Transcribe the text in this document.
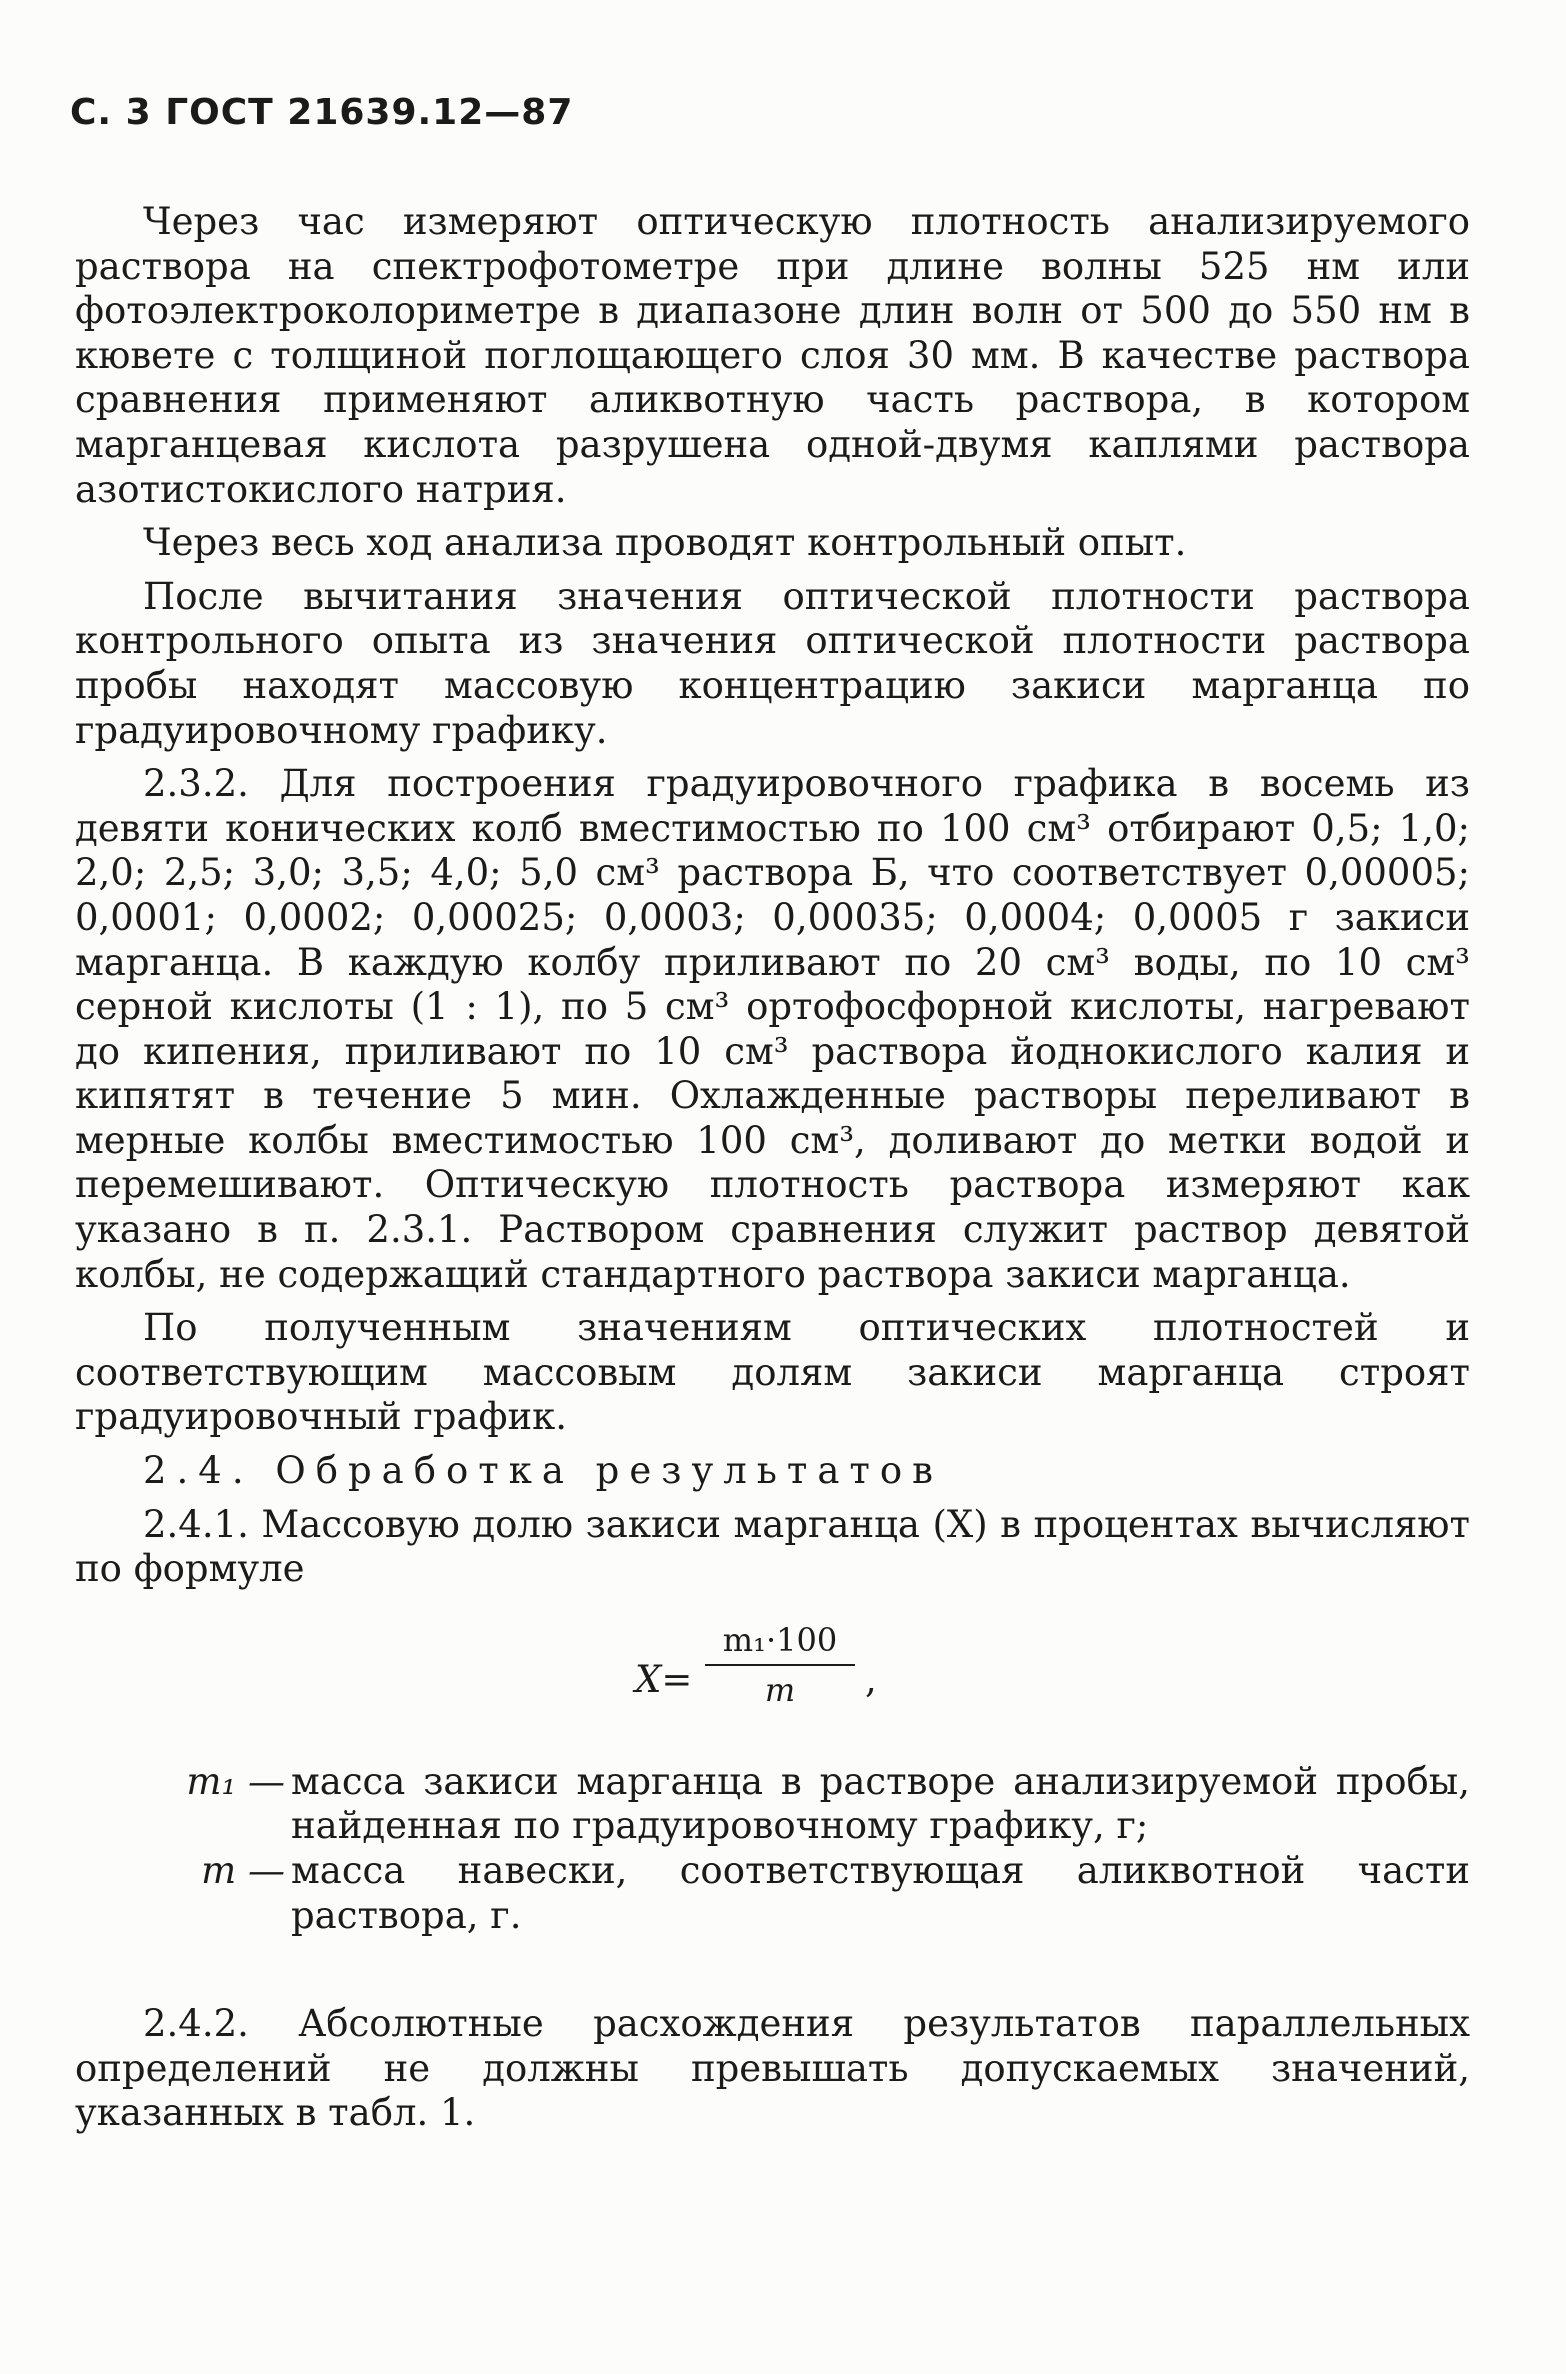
С. 3 ГОСТ 21639.12—87

Через час измеряют оптическую плотность анализируемого раствора на спектрофотометре при длине волны 525 нм или фотоэлектроколориметре в диапазоне длин волн от 500 до 550 нм в кювете с толщиной поглощающего слоя 30 мм. В качестве раствора сравнения применяют аликвотную часть раствора, в котором марганцевая кислота разрушена одной-двумя каплями раствора азотистокислого натрия.

Через весь ход анализа проводят контрольный опыт.

После вычитания значения оптической плотности раствора контрольного опыта из значения оптической плотности раствора пробы находят массовую концентрацию закиси марганца по градуировочному графику.

2.3.2. Для построения градуировочного графика в восемь из девяти конических колб вместимостью по 100 см³ отбирают 0,5; 1,0; 2,0; 2,5; 3,0; 3,5; 4,0; 5,0 см³ раствора Б, что соответствует 0,00005; 0,0001; 0,0002; 0,00025; 0,0003; 0,00035; 0,0004; 0,0005 г закиси марганца. В каждую колбу приливают по 20 см³ воды, по 10 см³ серной кислоты (1 : 1), по 5 см³ ортофосфорной кислоты, нагревают до кипения, приливают по 10 см³ раствора йоднокислого калия и кипятят в течение 5 мин. Охлажденные растворы переливают в мерные колбы вместимостью 100 см³, доливают до метки водой и перемешивают. Оптическую плотность раствора измеряют как указано в п. 2.3.1. Раствором сравнения служит раствор девятой колбы, не содержащий стандартного раствора закиси марганца.

По полученным значениям оптических плотностей и соответствующим массовым долям закиси марганца строят градуировочный график.

2.4. Обработка результатов

2.4.1. Массовую долю закиси марганца (X) в процентах вычисляют по формуле

X=
m₁·100
m	,
m₁ — масса закиси марганца в растворе анализируемой пробы, найденная по градуировочному графику, г;
m — масса навески, соответствующая аликвотной части раствора, г.

2.4.2. Абсолютные расхождения результатов параллельных определений не должны превышать допускаемых значений, указанных в табл. 1.
